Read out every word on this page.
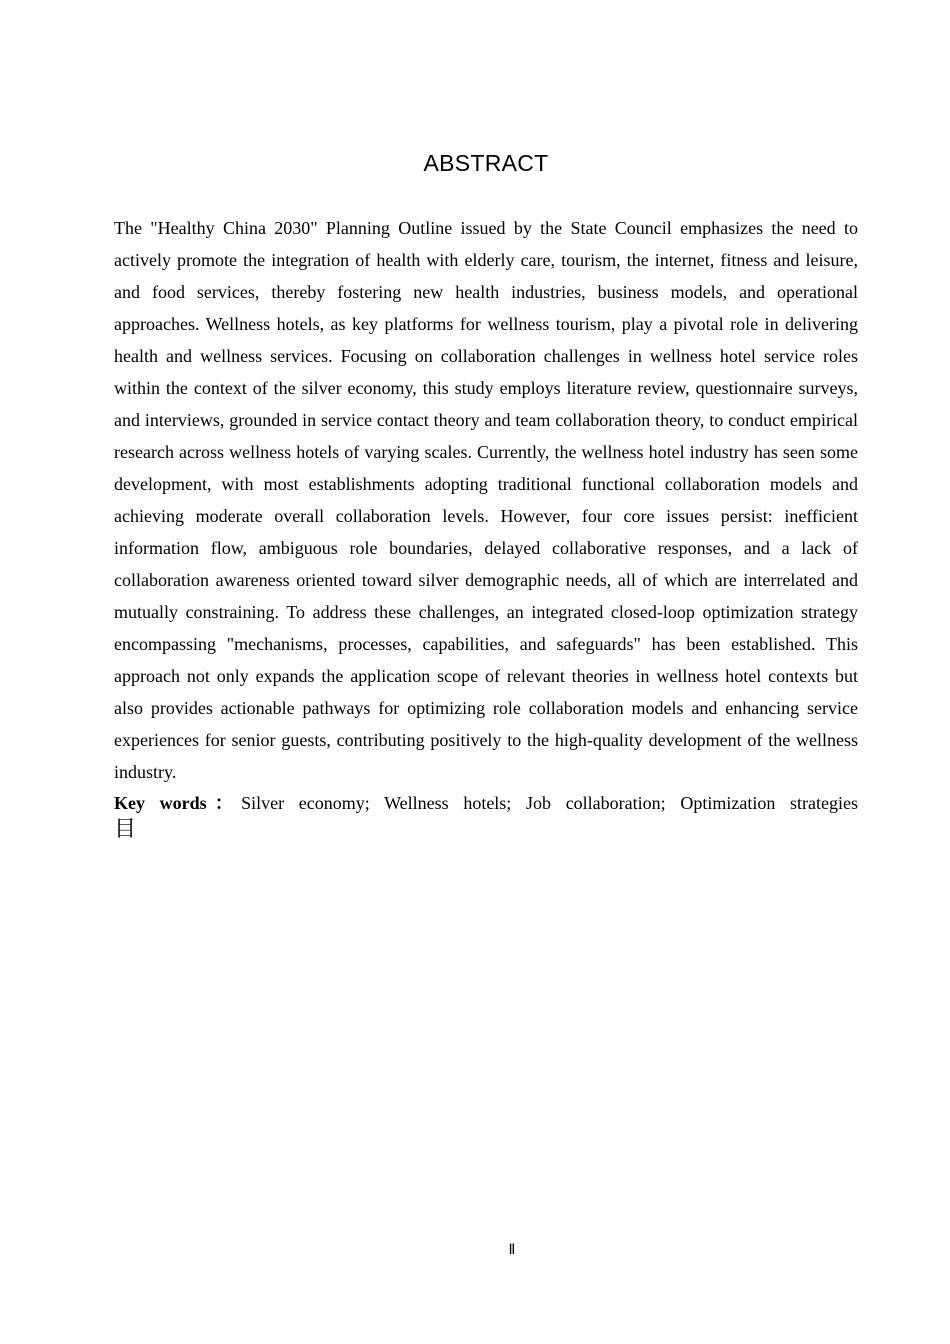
ABSTRACT

The "Healthy China 2030" Planning Outline issued by the State Council emphasizes the need to actively promote the integration of health with elderly care, tourism, the internet, fitness and leisure, and food services, thereby fostering new health industries, business models, and operational approaches. Wellness hotels, as key platforms for wellness tourism, play a pivotal role in delivering health and wellness services. Focusing on collaboration challenges in wellness hotel service roles within the context of the silver economy, this study employs literature review, questionnaire surveys, and interviews, grounded in service contact theory and team collaboration theory, to conduct empirical research across wellness hotels of varying scales. Currently, the wellness hotel industry has seen some development, with most establishments adopting traditional functional collaboration models and achieving moderate overall collaboration levels. However, four core issues persist: inefficient information flow, ambiguous role boundaries, delayed collaborative responses, and a lack of collaboration awareness oriented toward silver demographic needs, all of which are interrelated and mutually constraining. To address these challenges, an integrated closed-loop optimization strategy encompassing "mechanisms, processes, capabilities, and safeguards" has been established. This approach not only expands the application scope of relevant theories in wellness hotel contexts but also provides actionable pathways for optimizing role collaboration models and enhancing service experiences for senior guests, contributing positively to the high-quality development of the wellness industry.

Key words：Silver economy; Wellness hotels; Job collaboration; Optimization strategies

目
Ⅱ
